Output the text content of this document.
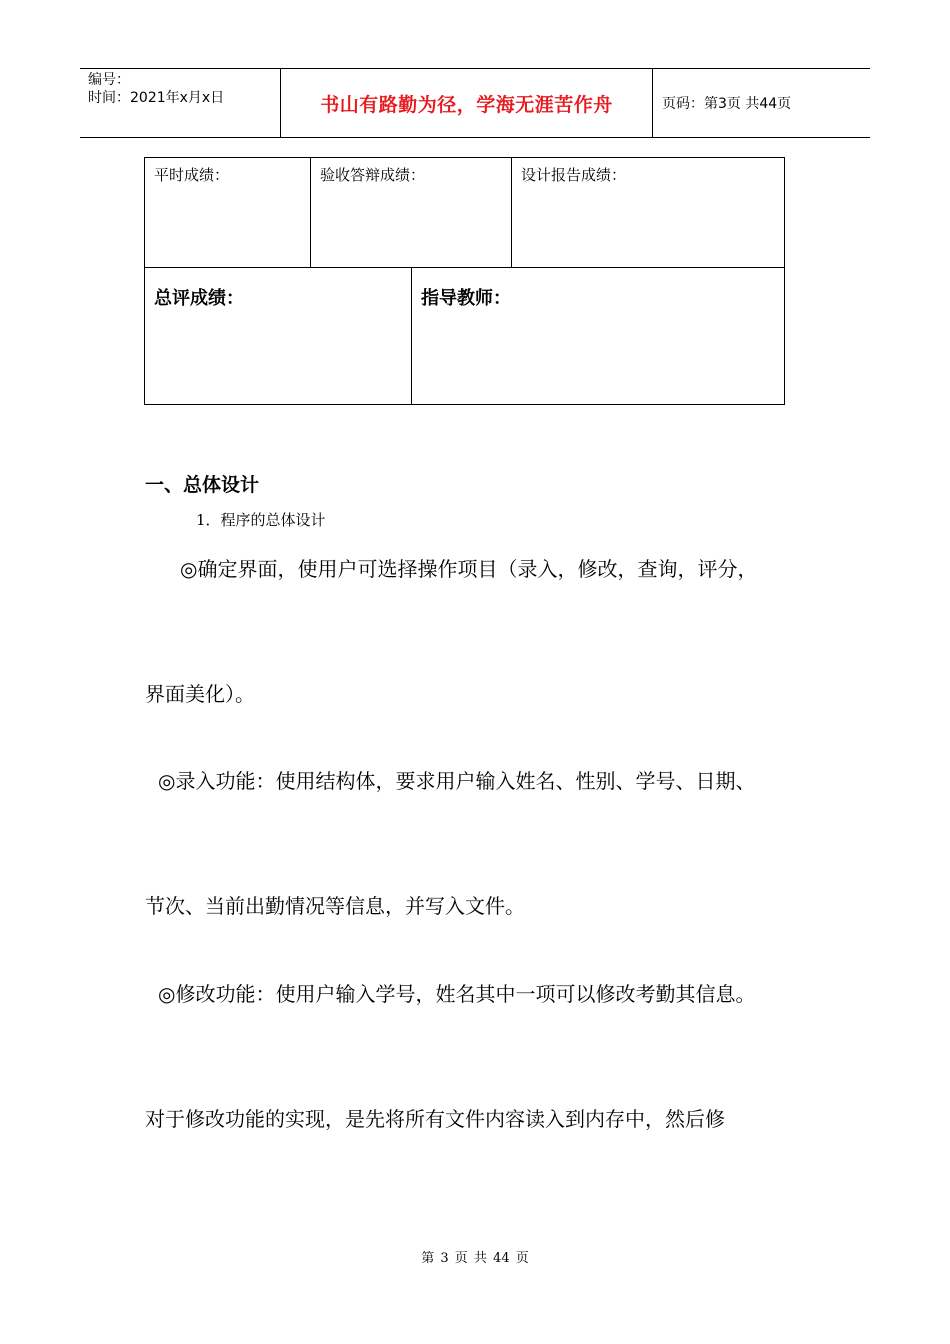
编号：
时间：2021年x月x日	书山有路勤为径，学海无涯苦作舟	页码：第3页 共44页
平时成绩：	验收答辩成绩：	设计报告成绩：
总评成绩：	指导教师：
一、总体设计
1．程序的总体设计
◎确定界面，使用户可选择操作项目（录入，修改，查询，评分，
界面美化）。
◎录入功能：使用结构体，要求用户输入姓名、性别、学号、日期、
节次、当前出勤情况等信息，并写入文件。
◎修改功能：使用户输入学号，姓名其中一项可以修改考勤其信息。
对于修改功能的实现，是先将所有文件内容读入到内存中，然后修
第 3 页 共 44 页
